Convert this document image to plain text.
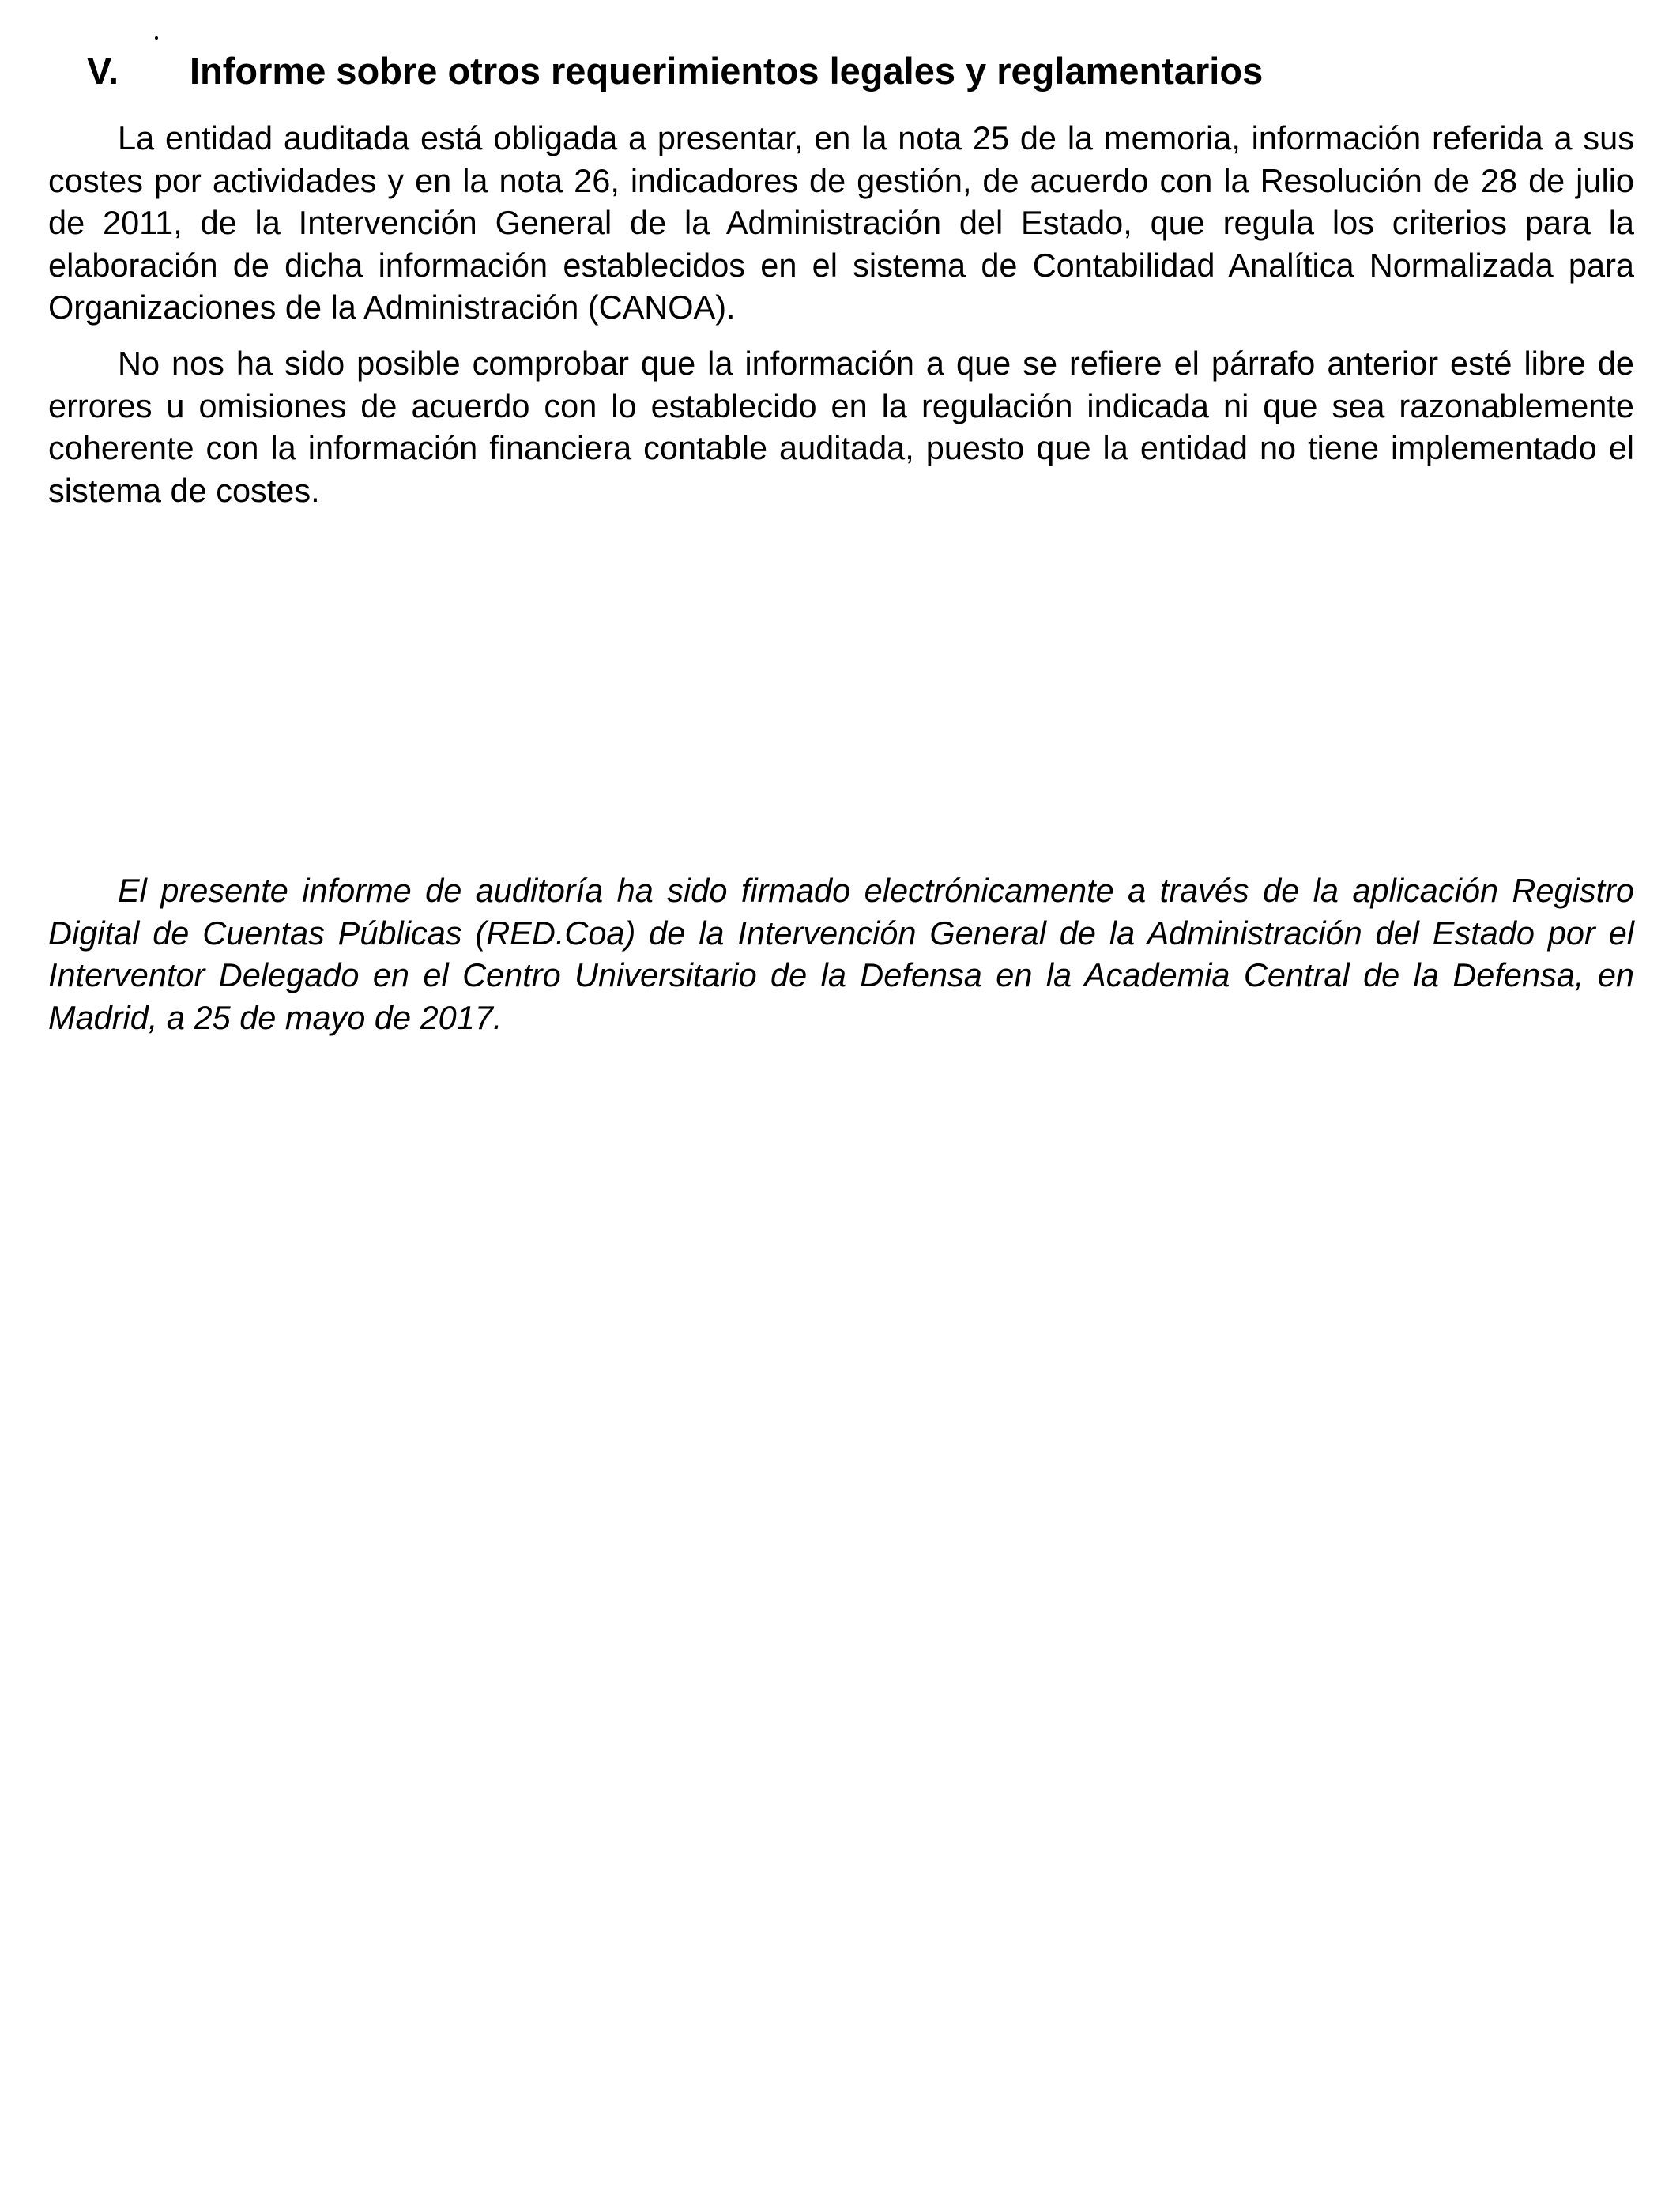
V. Informe sobre otros requerimientos legales y reglamentarios

La entidad auditada está obligada a presentar, en la nota 25 de la memoria, información referida a sus costes por actividades y en la nota 26, indicadores de gestión, de acuerdo con la Resolución de 28 de julio de 2011, de la Intervención General de la Administración del Estado, que regula los criterios para la elaboración de dicha información establecidos en el sistema de Contabilidad Analítica Normalizada para Organizaciones de la Administración (CANOA).

No nos ha sido posible comprobar que la información a que se refiere el párrafo anterior esté libre de errores u omisiones de acuerdo con lo establecido en la regulación indicada ni que sea razonablemente coherente con la información financiera contable auditada, puesto que la entidad no tiene implementado el sistema de costes.

El presente informe de auditoría ha sido firmado electrónicamente a través de la aplicación Registro Digital de Cuentas Públicas (RED.Coa) de la Intervención General de la Administración del Estado por el Interventor Delegado en el Centro Universitario de la Defensa en la Academia Central de la Defensa, en Madrid, a 25 de mayo de 2017.
